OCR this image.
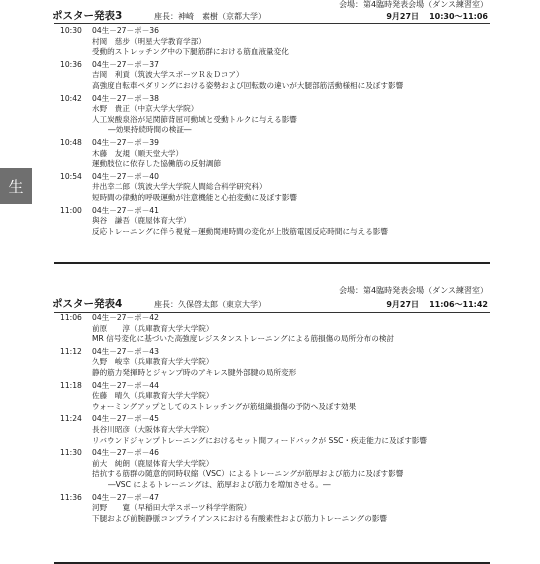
生
会場：第4臨時発表会場（ダンス練習室）
ポスター発表3	座長：神崎　素樹（京都大学）	9月27日 10:30〜11:06
10:30 04生－27－ポ－36
村岡　慈步（明星大学教育学部）
受動的ストレッチング中の下腿筋群における筋血液量変化
10:36 04生－27－ポ－37
吉岡　利貢（筑波大学スポーツＲ＆Ｄコア）
高強度自転車ペダリングにおける姿勢および回転数の違いが大腿部筋活動様相に及ぼす影響
10:42 04生－27－ポ－38
水野　貴正（中京大学大学院）
人工炭酸泉浴が足関節背屈可動域と受動トルクに与える影響
―効果持続時間の検証―
10:48 04生－27－ポ－39
木藤　友規（順天堂大学）
運動肢位に依存した協働筋の反射調節
10:54 04生－27－ポ－40
井出幸二郎（筑波大学大学院人間総合科学研究科）
短時間の律動的呼吸運動が注意機能と心拍変動に及ぼす影響
11:00 04生－27－ポ－41
與谷　謙吾（鹿屋体育大学）
反応トレーニングに伴う視覚－運動関連時間の変化が上肢筋電図反応時間に与える影響
会場：第4臨時発表会場（ダンス練習室）
ポスター発表4	座長：久保啓太郎（東京大学）	9月27日 11:06〜11:42
11:06 04生－27－ポ－42
前原　　淳（兵庫教育大学大学院）
MR 信号変化に基づいた高強度レジスタンストレーニングによる筋損傷の局所分布の検討
11:12 04生－27－ポ－43
久野　峻幸（兵庫教育大学大学院）
静的筋力発揮時とジャンプ時のアキレス腱外部腱の局所変形
11:18 04生－27－ポ－44
佐藤　晴久（兵庫教育大学大学院）
ウォーミングアップとしてのストレッチングが筋組織損傷の予防へ及ぼす効果
11:24 04生－27－ポ－45
長谷川昭彦（大阪体育大学大学院）
リバウンドジャンプトレーニングにおけるセット間フィードバックが SSC・疾走能力に及ぼす影響
11:30 04生－27－ポ－46
前大　純朗（鹿屋体育大学大学院）
拮抗する筋群の随意的同時収縮（VSC）によるトレーニングが筋厚および筋力に及ぼす影響
―VSC によるトレーニングは、筋厚および筋力を増加させる。―
11:36 04生－27－ポ－47
河野　　寛（早稲田大学スポーツ科学学術院）
下腿および前腕静脈コンプライアンスにおける有酸素性および筋力トレーニングの影響
